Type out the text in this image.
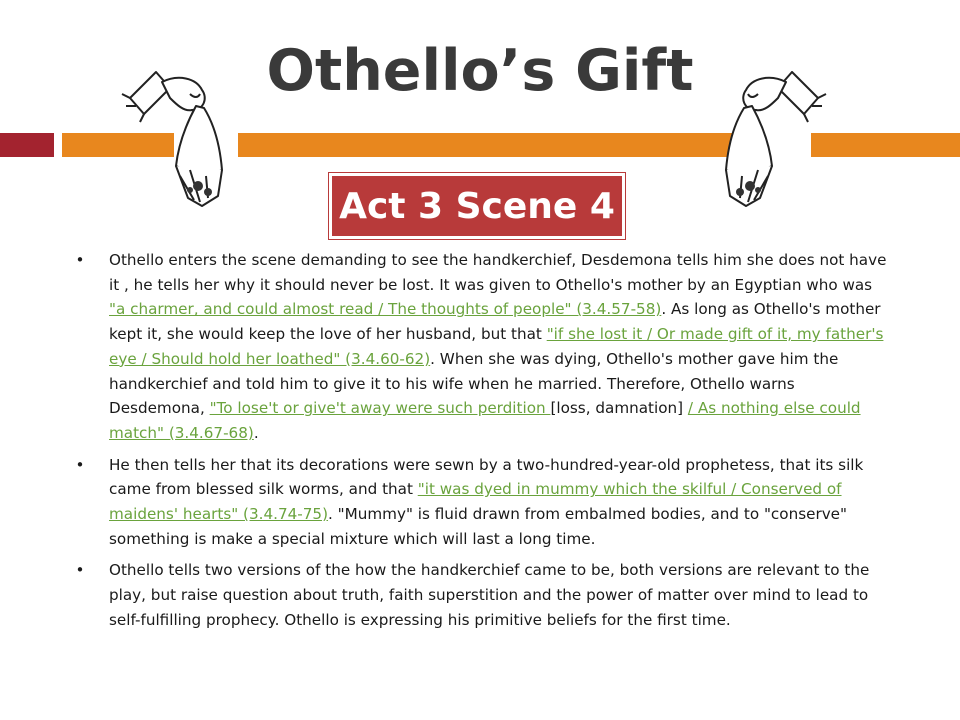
Othello’s Gift
Act 3 Scene 4
• Othello enters the scene demanding to see the handkerchief, Desdemona tells him she does not have it , he tells her why it should never be lost. It was given to Othello's mother by an Egyptian who was "a charmer, and could almost read / The thoughts of people" (3.4.57-58). As long as Othello's mother kept it, she would keep the love of her husband, but that "if she lost it / Or made gift of it, my father's eye / Should hold her loathed" (3.4.60-62). When she was dying, Othello's mother gave him the handkerchief and told him to give it to his wife when he married. Therefore, Othello warns Desdemona, "To lose't or give't away were such perdition [loss, damnation] / As nothing else could match" (3.4.67-68).
• He then tells her that its decorations were sewn by a two-hundred-year-old prophetess, that its silk came from blessed silk worms, and that "it was dyed in mummy which the skilful / Conserved of maidens' hearts" (3.4.74-75). "Mummy" is fluid drawn from embalmed bodies, and to "conserve" something is make a special mixture which will last a long time.
• Othello tells two versions of the how the handkerchief came to be, both versions are relevant to the play, but raise question about truth, faith superstition and the power of matter over mind to lead to self-fulfilling prophecy. Othello is expressing his primitive beliefs for the first time.
